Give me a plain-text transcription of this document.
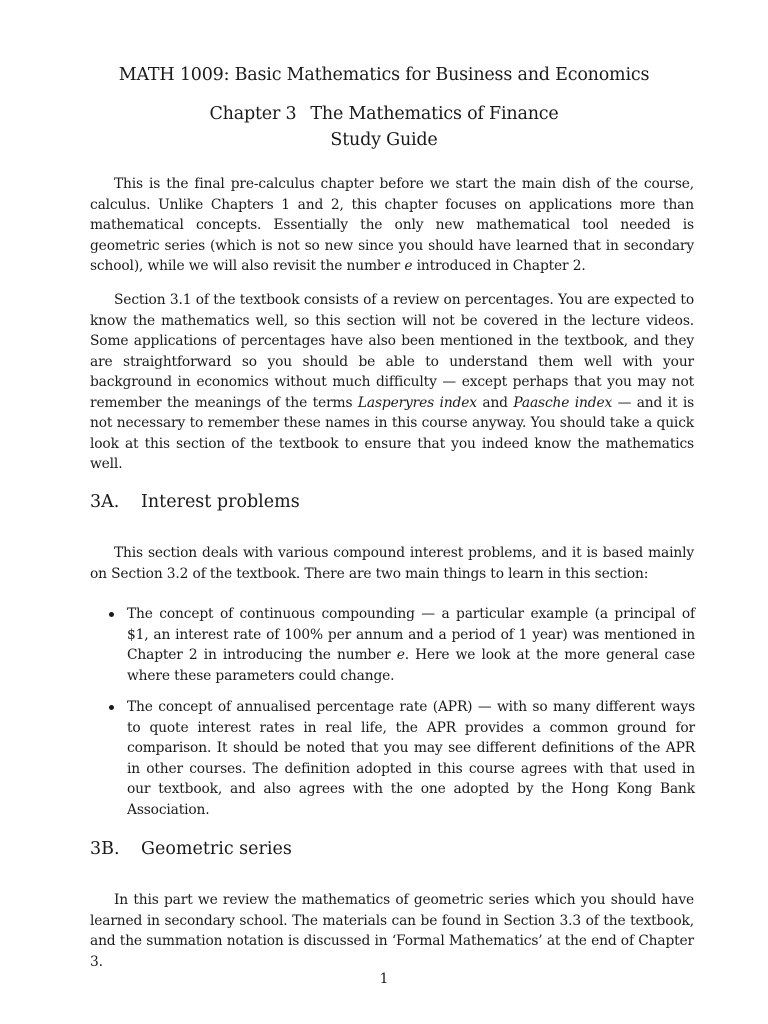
MATH 1009: Basic Mathematics for Business and Economics
Chapter 3 The Mathematics of Finance
Study Guide
This is the final pre-calculus chapter before we start the main dish of the course, calculus. Unlike Chapters 1 and 2, this chapter focuses on applications more than mathematical concepts. Essentially the only new mathematical tool needed is geometric series (which is not so new since you should have learned that in secondary school), while we will also revisit the number e introduced in Chapter 2.
Section 3.1 of the textbook consists of a review on percentages. You are expected to know the mathematics well, so this section will not be covered in the lecture videos. Some applications of percentages have also been mentioned in the textbook, and they are straightforward so you should be able to understand them well with your background in economics without much difficulty — except perhaps that you may not remember the meanings of the terms Lasperyres index and Paasche index — and it is not necessary to remember these names in this course anyway. You should take a quick look at this section of the textbook to ensure that you indeed know the mathematics well.
3A. Interest problems
This section deals with various compound interest problems, and it is based mainly on Section 3.2 of the textbook. There are two main things to learn in this section:
The concept of continuous compounding — a particular example (a principal of $1, an interest rate of 100% per annum and a period of 1 year) was mentioned in Chapter 2 in introducing the number e. Here we look at the more general case where these parameters could change.
The concept of annualised percentage rate (APR) — with so many different ways to quote interest rates in real life, the APR provides a common ground for comparison. It should be noted that you may see different definitions of the APR in other courses. The definition adopted in this course agrees with that used in our textbook, and also agrees with the one adopted by the Hong Kong Bank Association.
3B. Geometric series
In this part we review the mathematics of geometric series which you should have learned in secondary school. The materials can be found in Section 3.3 of the textbook, and the summation notation is discussed in ‘Formal Mathematics’ at the end of Chapter 3.
1
